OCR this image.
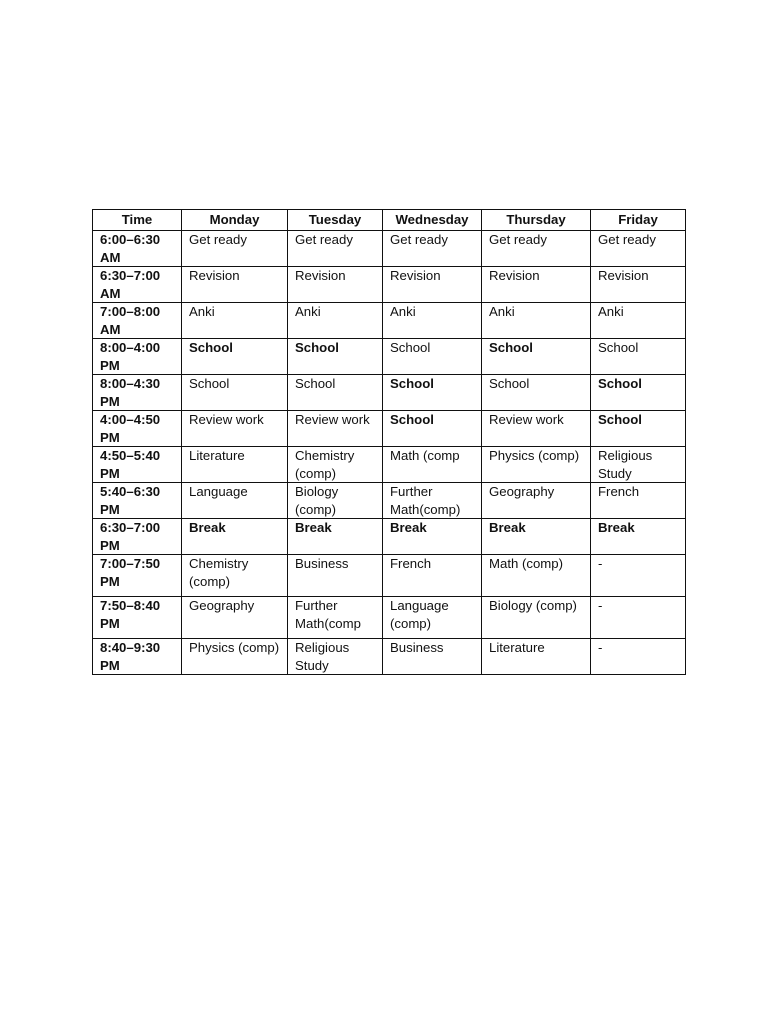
Time	Monday	Tuesday	Wednesday	Thursday	Friday
6:00–6:30 AM	Get ready	Get ready	Get ready	Get ready	Get ready
6:30–7:00 AM	Revision	Revision	Revision	Revision	Revision
7:00–8:00 AM	Anki	Anki	Anki	Anki	Anki
8:00–4:00 PM	School	School	School	School	School
8:00–4:30 PM	School	School	School	School	School
4:00–4:50 PM	Review work	Review work	School	Review work	School
4:50–5:40 PM	Literature	Chemistry (comp)	Math (comp	Physics (comp)	Religious Study
5:40–6:30 PM	Language	Biology (comp)	Further Math(comp)	Geography	French
6:30–7:00 PM	Break	Break	Break	Break	Break
7:00–7:50 PM	Chemistry (comp)	Business	French	Math (comp)	-
7:50–8:40 PM	Geography	Further Math(comp	Language (comp)	Biology (comp)	-
8:40–9:30 PM	Physics (comp)	Religious Study	Business	Literature	-
